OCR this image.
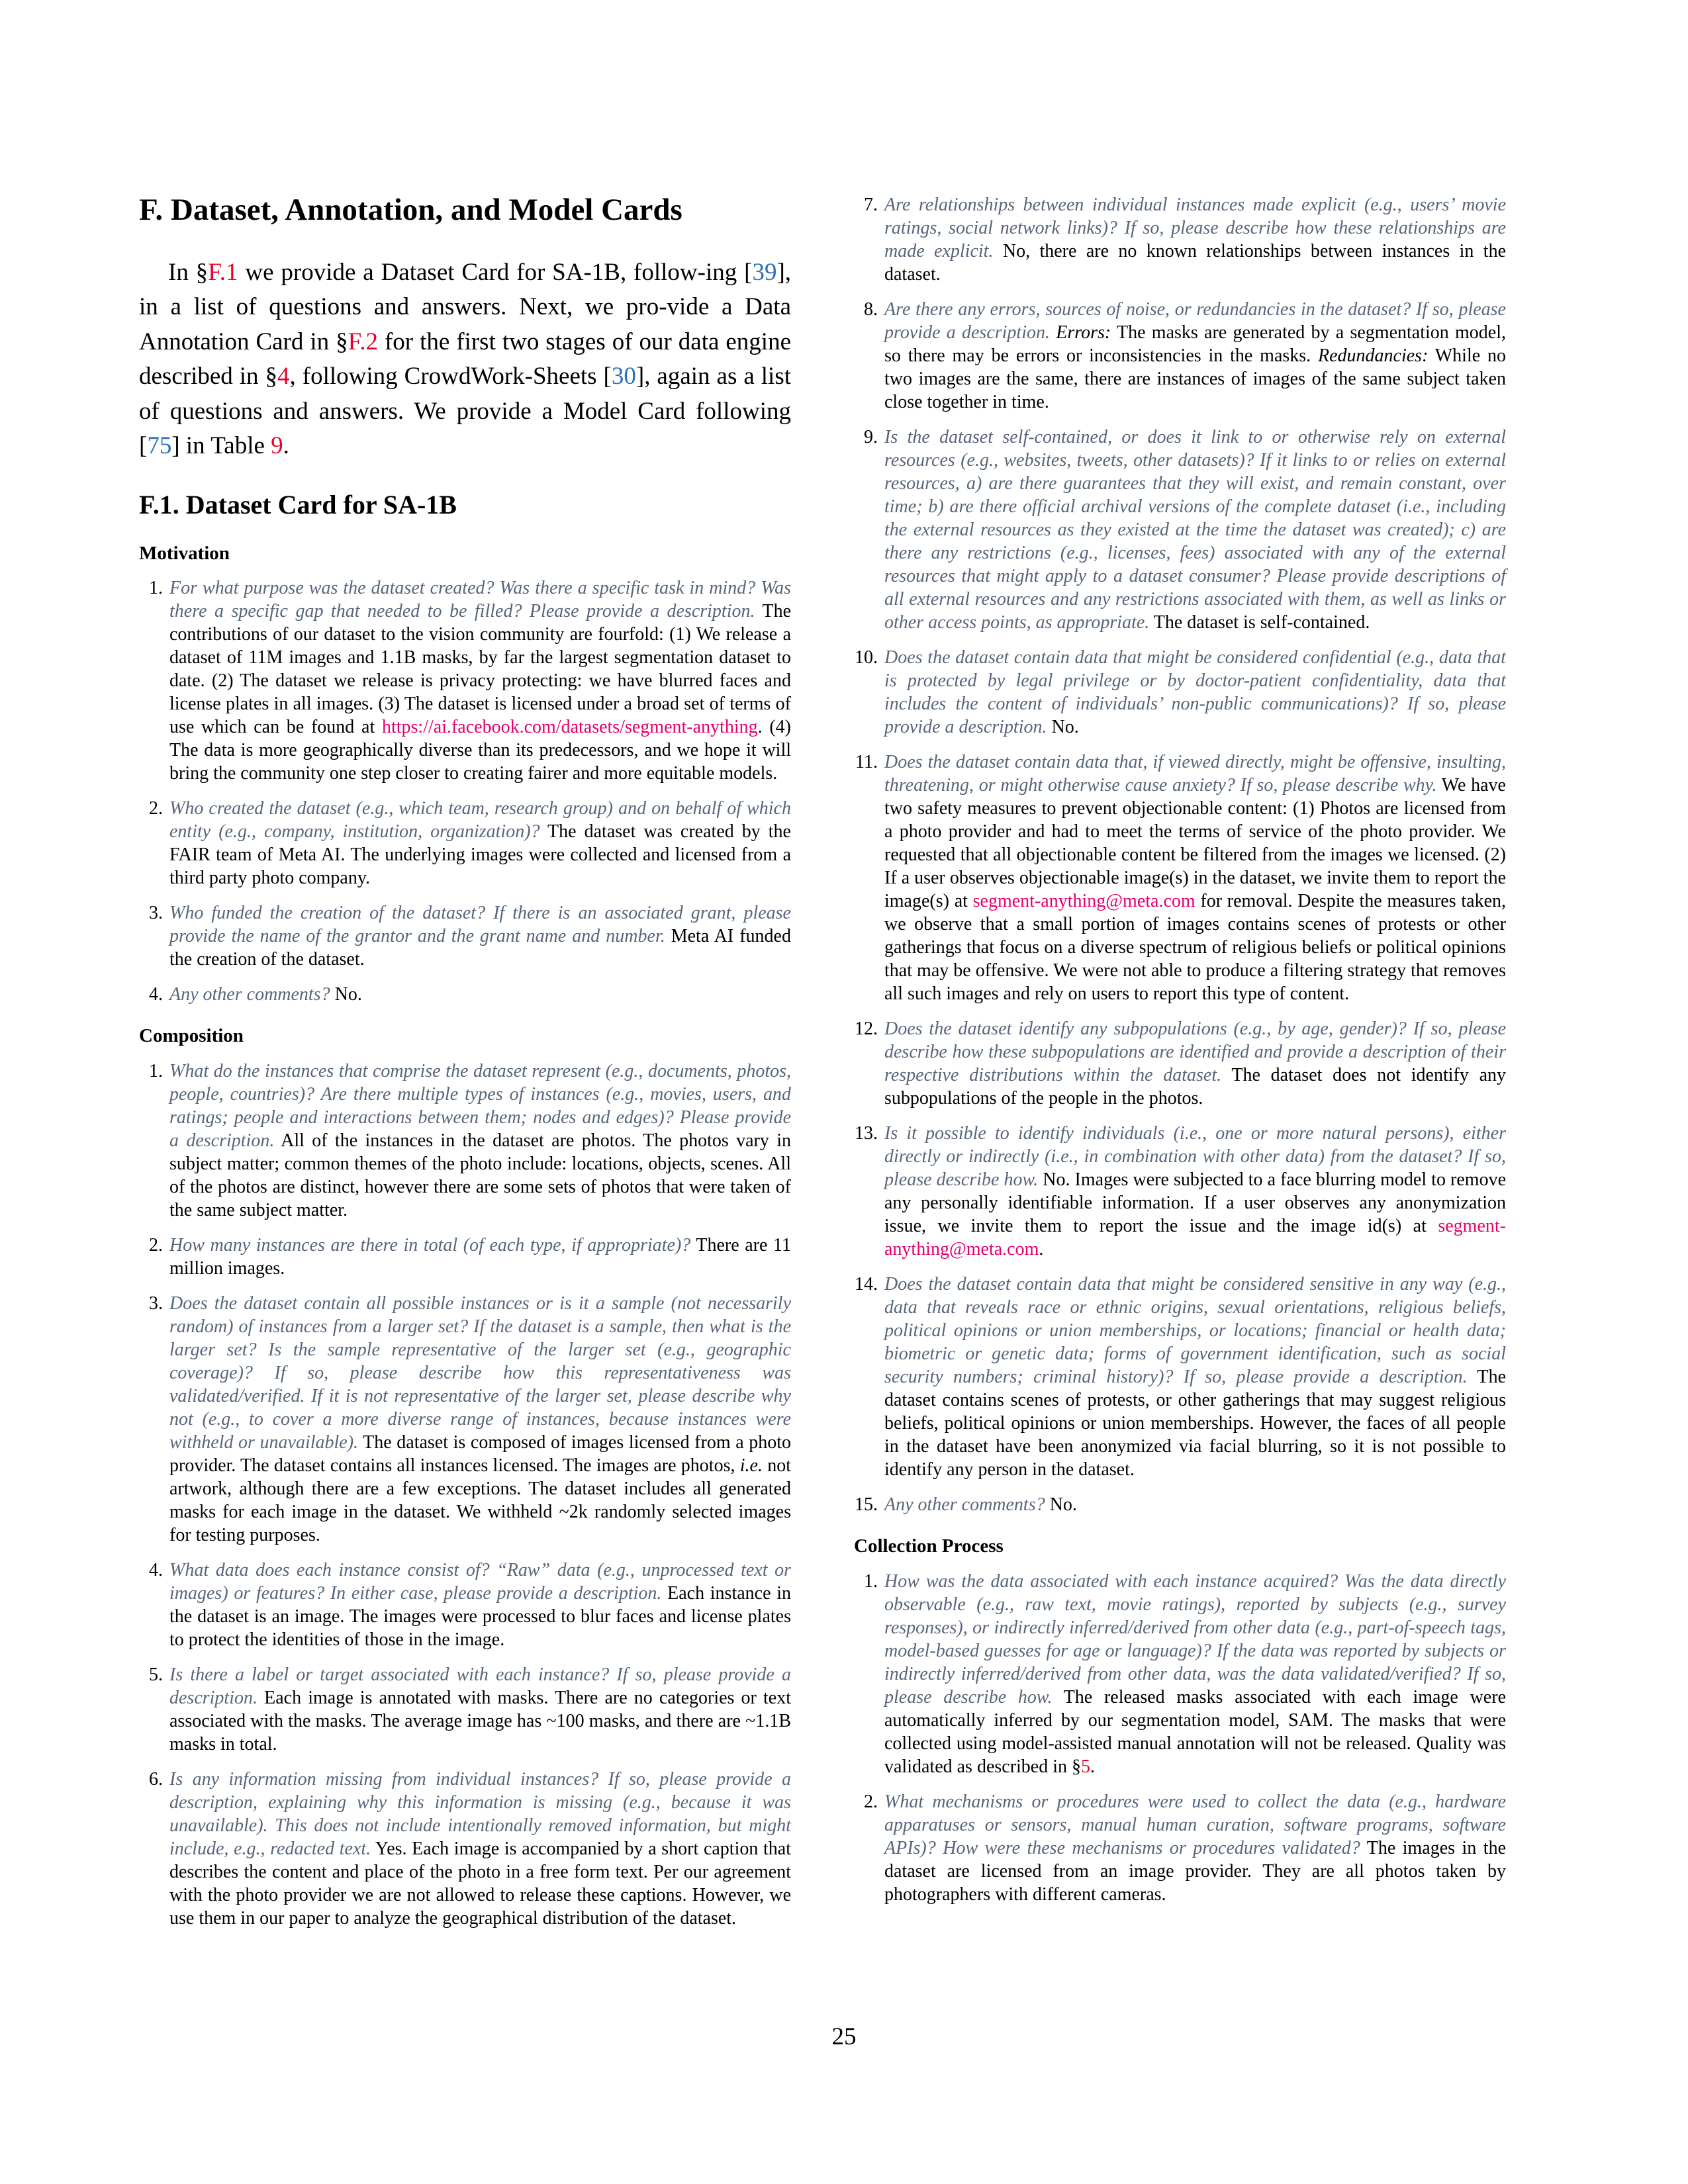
F. Dataset, Annotation, and Model Cards

In §F.1 we provide a Dataset Card for SA-1B, follow-ing [39], in a list of questions and answers. Next, we pro-vide a Data Annotation Card in §F.2 for the first two stages of our data engine described in §4, following CrowdWork-Sheets [30], again as a list of questions and answers. We provide a Model Card following [75] in Table 9.

F.1. Dataset Card for SA-1B
Motivation
1. For what purpose was the dataset created? Was there a specific task in mind? Was there a specific gap that needed to be filled? Please provide a description. The contributions of our dataset to the vision community are fourfold: (1) We release a dataset of 11M images and 1.1B masks, by far the largest segmentation dataset to date. (2) The dataset we release is privacy protecting: we have blurred faces and license plates in all images. (3) The dataset is licensed under a broad set of terms of use which can be found at https://ai.facebook.com/datasets/segment-anything. (4) The data is more geographically diverse than its predecessors, and we hope it will bring the community one step closer to creating fairer and more equitable models.
2. Who created the dataset (e.g., which team, research group) and on behalf of which entity (e.g., company, institution, organization)? The dataset was created by the FAIR team of Meta AI. The underlying images were collected and licensed from a third party photo company.
3. Who funded the creation of the dataset? If there is an associated grant, please provide the name of the grantor and the grant name and number. Meta AI funded the creation of the dataset.
4. Any other comments? No.
Composition
1. What do the instances that comprise the dataset represent (e.g., documents, photos, people, countries)? Are there multiple types of instances (e.g., movies, users, and ratings; people and interactions between them; nodes and edges)? Please provide a description. All of the instances in the dataset are photos. The photos vary in subject matter; common themes of the photo include: locations, objects, scenes. All of the photos are distinct, however there are some sets of photos that were taken of the same subject matter.
2. How many instances are there in total (of each type, if appropriate)? There are 11 million images.
3. Does the dataset contain all possible instances or is it a sample (not necessarily random) of instances from a larger set? If the dataset is a sample, then what is the larger set? Is the sample representative of the larger set (e.g., geographic coverage)? If so, please describe how this representativeness was validated/verified. If it is not representative of the larger set, please describe why not (e.g., to cover a more diverse range of instances, because instances were withheld or unavailable). The dataset is composed of images licensed from a photo provider. The dataset contains all instances licensed. The images are photos, i.e. not artwork, although there are a few exceptions. The dataset includes all generated masks for each image in the dataset. We withheld ~2k randomly selected images for testing purposes.
4. What data does each instance consist of? “Raw” data (e.g., unprocessed text or images) or features? In either case, please provide a description. Each instance in the dataset is an image. The images were processed to blur faces and license plates to protect the identities of those in the image.
5. Is there a label or target associated with each instance? If so, please provide a description. Each image is annotated with masks. There are no categories or text associated with the masks. The average image has ~100 masks, and there are ~1.1B masks in total.
6. Is any information missing from individual instances? If so, please provide a description, explaining why this information is missing (e.g., because it was unavailable). This does not include intentionally removed information, but might include, e.g., redacted text. Yes. Each image is accompanied by a short caption that describes the content and place of the photo in a free form text. Per our agreement with the photo provider we are not allowed to release these captions. However, we use them in our paper to analyze the geographical distribution of the dataset.
7. Are relationships between individual instances made explicit (e.g., users’ movie ratings, social network links)? If so, please describe how these relationships are made explicit. No, there are no known relationships between instances in the dataset.
8. Are there any errors, sources of noise, or redundancies in the dataset? If so, please provide a description. Errors: The masks are generated by a segmentation model, so there may be errors or inconsistencies in the masks. Redundancies: While no two images are the same, there are instances of images of the same subject taken close together in time.
9. Is the dataset self-contained, or does it link to or otherwise rely on external resources (e.g., websites, tweets, other datasets)? If it links to or relies on external resources, a) are there guarantees that they will exist, and remain constant, over time; b) are there official archival versions of the complete dataset (i.e., including the external resources as they existed at the time the dataset was created); c) are there any restrictions (e.g., licenses, fees) associated with any of the external resources that might apply to a dataset consumer? Please provide descriptions of all external resources and any restrictions associated with them, as well as links or other access points, as appropriate. The dataset is self-contained.
10. Does the dataset contain data that might be considered confidential (e.g., data that is protected by legal privilege or by doctor-patient confidentiality, data that includes the content of individuals’ non-public communications)? If so, please provide a description. No.
11. Does the dataset contain data that, if viewed directly, might be offensive, insulting, threatening, or might otherwise cause anxiety? If so, please describe why. We have two safety measures to prevent objectionable content: (1) Photos are licensed from a photo provider and had to meet the terms of service of the photo provider. We requested that all objectionable content be filtered from the images we licensed. (2) If a user observes objectionable image(s) in the dataset, we invite them to report the image(s) at segment-anything@meta.com for removal. Despite the measures taken, we observe that a small portion of images contains scenes of protests or other gatherings that focus on a diverse spectrum of religious beliefs or political opinions that may be offensive. We were not able to produce a filtering strategy that removes all such images and rely on users to report this type of content.
12. Does the dataset identify any subpopulations (e.g., by age, gender)? If so, please describe how these subpopulations are identified and provide a description of their respective distributions within the dataset. The dataset does not identify any subpopulations of the people in the photos.
13. Is it possible to identify individuals (i.e., one or more natural persons), either directly or indirectly (i.e., in combination with other data) from the dataset? If so, please describe how. No. Images were subjected to a face blurring model to remove any personally identifiable information. If a user observes any anonymization issue, we invite them to report the issue and the image id(s) at segment-anything@meta.com.
14. Does the dataset contain data that might be considered sensitive in any way (e.g., data that reveals race or ethnic origins, sexual orientations, religious beliefs, political opinions or union memberships, or locations; financial or health data; biometric or genetic data; forms of government identification, such as social security numbers; criminal history)? If so, please provide a description. The dataset contains scenes of protests, or other gatherings that may suggest religious beliefs, political opinions or union memberships. However, the faces of all people in the dataset have been anonymized via facial blurring, so it is not possible to identify any person in the dataset.
15. Any other comments? No.
Collection Process
1. How was the data associated with each instance acquired? Was the data directly observable (e.g., raw text, movie ratings), reported by subjects (e.g., survey responses), or indirectly inferred/derived from other data (e.g., part-of-speech tags, model-based guesses for age or language)? If the data was reported by subjects or indirectly inferred/derived from other data, was the data validated/verified? If so, please describe how. The released masks associated with each image were automatically inferred by our segmentation model, SAM. The masks that were collected using model-assisted manual annotation will not be released. Quality was validated as described in §5.
2. What mechanisms or procedures were used to collect the data (e.g., hardware apparatuses or sensors, manual human curation, software programs, software APIs)? How were these mechanisms or procedures validated? The images in the dataset are licensed from an image provider. They are all photos taken by photographers with different cameras.
25
